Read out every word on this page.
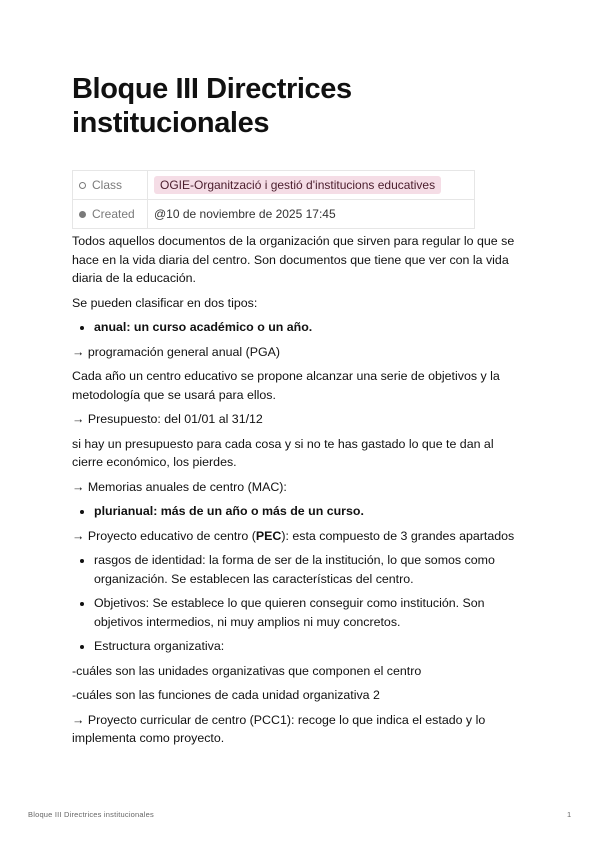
Bloque III Directrices institucionales
Class	OGIE-Organització i gestió d'institucions educatives
Created	@10 de noviembre de 2025 17:45

Todos aquellos documentos de la organización que sirven para regular lo que se hace en la vida diaria del centro. Son documentos que tiene que ver con la vida diaria de la educación.

Se pueden clasificar en dos tipos:

• anual: un curso académico o un año.

→ programación general anual (PGA)

Cada año un centro educativo se propone alcanzar una serie de objetivos y la metodología que se usará para ellos.

→ Presupuesto: del 01/01 al 31/12

si hay un presupuesto para cada cosa y si no te has gastado lo que te dan al cierre económico, los pierdes.

→ Memorias anuales de centro (MAC):

• plurianual: más de un año o más de un curso.

→ Proyecto educativo de centro (PEC): esta compuesto de 3 grandes apartados

• rasgos de identidad: la forma de ser de la institución, lo que somos como organización. Se establecen las características del centro.
• Objetivos: Se establece lo que quieren conseguir como institución. Son objetivos intermedios, ni muy amplios ni muy concretos.
• Estructura organizativa:

-cuáles son las unidades organizativas que componen el centro

-cuáles son las funciones de cada unidad organizativa 2

→ Proyecto curricular de centro (PCC1): recoge lo que indica el estado y lo implementa como proyecto.

Bloque III Directrices institucionales	1
